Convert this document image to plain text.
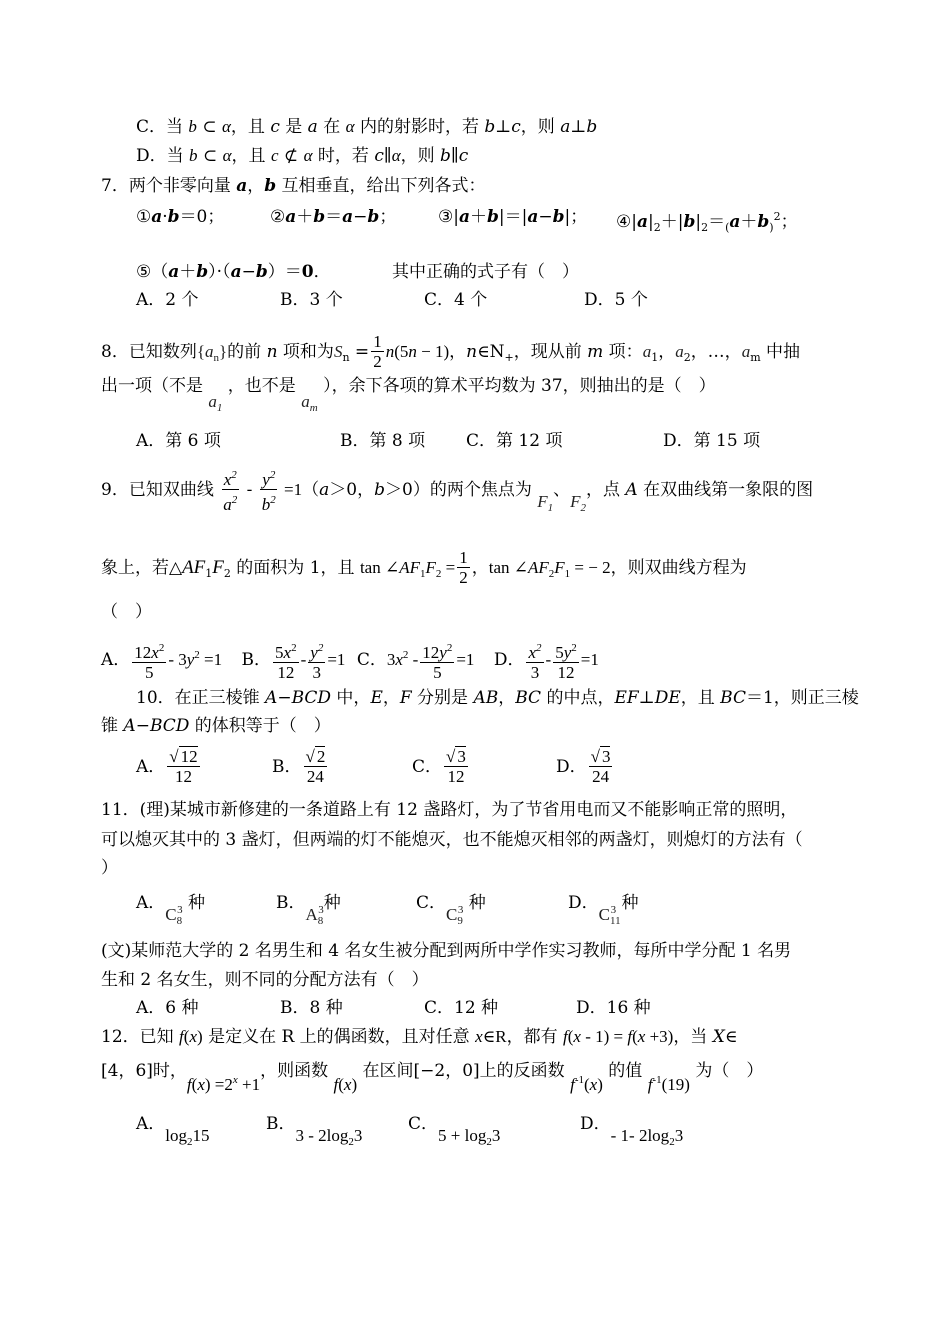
C．当 b ⊂ α，且 c 是 a 在 α 内的射影时，若 b⊥c，则 a⊥b
D．当 b ⊂ α，且 c ⊄ α 时，若 c∥α，则 b∥c
7．两个非零向量 a，b 互相垂直，给出下列各式：
①a·b＝0；	②a＋b＝a−b； ③|a＋b|＝|a−b|； $④|a|_2+|b|_2=_(a+b_)^2$；
⑤（a＋b）·（a−b）＝0．	其中正确的式子有（　）
A．2 个	B．3 个	C．4 个	D．5 个
8．已知数列$\{a_n\}$的前 n 项和为$S_n = \frac{1}{2} n(5n - 1)$，$n\in N_+$，现从前 m 项：$a_1$，$a_2$，…，$a_m$ 中抽
出一项（不是 $a_1$ ，也不是 $a_m$ ），余下各项的算术平均数为 37，则抽出的是（　）
A．第 6 项	B．第 8 项 C．第 12 项	D．第 15 项
9．已知双曲线 $\frac{x^2}{a^2} - \frac{y^2}{b^2} =1(a>0$，b＞0）的两个焦点为 $F_1$、$F_2$，点 A 在双曲线第一象限的图
象上，若$\triangle AF_1F_2$ 的面积为 1，且 $\tan \angle AF_1F_2 = \frac{1}{2}$ ，$\tan \angle AF_2F_1$ = − 2，则双曲线方程为
（　）
A． $\frac{12x^2}{5} - 3y^2 =1$ B． $\frac{5x^2}{12} - \frac{y^2}{3} =1$ C．$3x^2 - \frac{12y^2}{5} =1$ D． $\frac{x^2}{3} - \frac{5y^2}{12} =1$
10．在正三棱锥 A−BCD 中，E，F 分别是 AB，BC 的中点，EF⊥DE，且 BC＝1，则正三棱
锥 A−BCD 的体积等于（　）
A． $\frac{√ 12}{12}$	B． $\frac{√ 2}{24}$	C． $\frac{√ 3}{12}$	D． $\frac{√ 3}{24}$
11．(理)某城市新修建的一条道路上有 12 盏路灯，为了节省用电而又不能影响正常的照明，
可以熄灭其中的 3 盏灯，但两端的灯不能熄灭，也不能熄灭相邻的两盏灯，则熄灯的方法有（
）
A．$C_8^3$ 种	B．$A_8^3$种	C．$C_9^3$ 种	D．$C_{11}^3$ 种
(文)某师范大学的 2 名男生和 4 名女生被分配到两所中学作实习教师，每所中学分配 1 名男
生和 2 名女生，则不同的分配方法有（　）
A．6 种	B．8 种	C．12 种	D．16 种
12．已知 f(x) 是定义在 R 上的偶函数，且对任意 x∈R，都有 f(x - 1) = f(x +3)，当 X∈
[4，6]时，$f(x) =2^x +1$，则函数 f(x) 在区间[−2，0]上的反函数 $f^{-1}(x)$ 的值 $f^{-1}(19)$ 为（　）
A．$\log_215$
B．$3 - 2\log_23$
C．$5 + \log_23$
D．- 1- $2\log_23$
